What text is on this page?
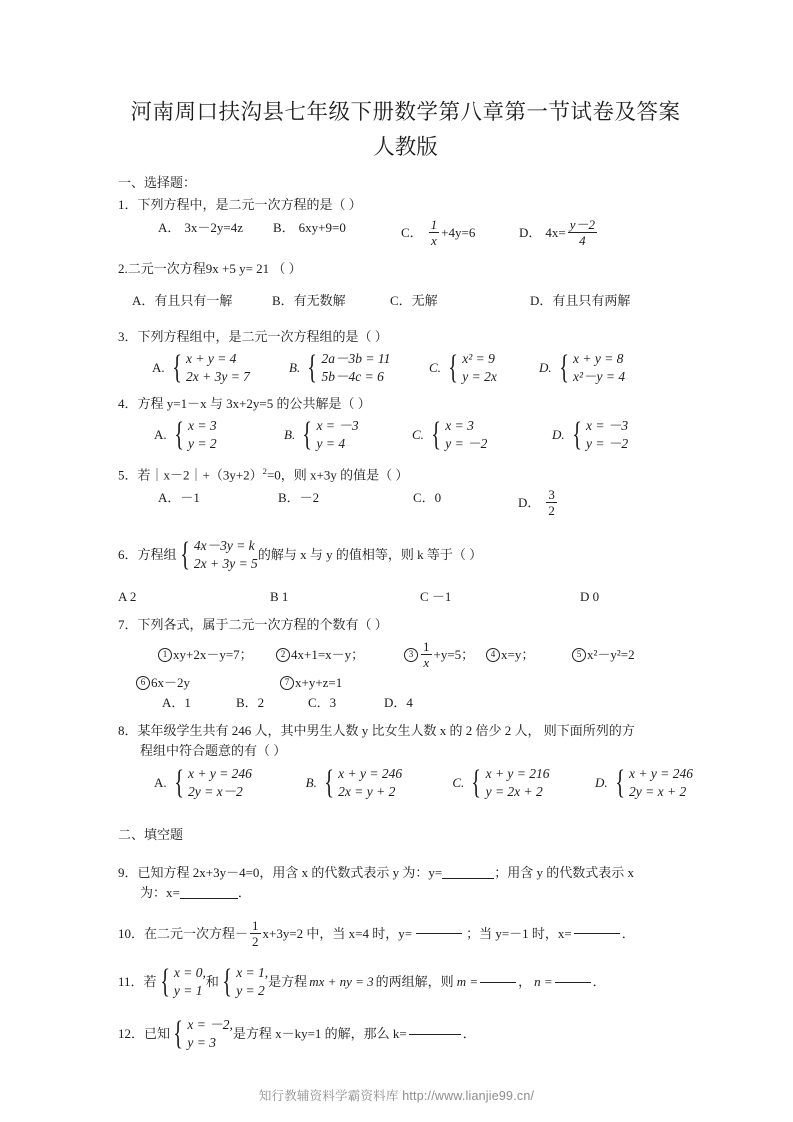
河南周口扶沟县七年级下册数学第八章第一节试卷及答案
人教版
一、选择题：
1．下列方程中，是二元一次方程的是（ ）
A． 3x－2y=4z B． 6xy+9=0	C． $\frac{1}{x} +4y=6$	D． $4x= \frac{y-2}{4}$
2.二元一次方程9x +5 y= 21 （ ）
A．有且只有一解	B．有无数解	C．无解	D．有且只有两解
3．下列方程组中，是二元一次方程组的是（ ）
A. { x + y = 4
2x + 3y = 7
B. { 2a－3b = 11
5b－4c = 6
C. { x² = 9
y = 2x
D. { x + y = 8
x²－y = 4
4．方程 y=1－x 与 3x+2y=5 的公共解是（ ）
A. { x = 3
y = 2
B. { x = －3
y = 4
C. { x = 3
y = －2
D. { x = －3
y = －2
5．若$|x-2|+(3y+2)^2=0$，则 x+3y 的值是（ ）
A．－1	B．－2	C．0	D． $\frac{3}{2}$
6．方程组 { 4x－3y = k
2x + 3y = 5
的解与 x 与 y 的值相等，则 k 等于（ ）
A 2	B 1	C －1	D 0
7．下列各式，属于二元一次方程的个数有（ ）
1 xy+2x－y=7；	2 4x+1=x－y；	$3 \frac{1}{x} +y=5$；	4 x=y；	5 x²－y²=2
6 6x－2y	7 x+y+z=1
A．1	B．2	C．3	D．4
8．某年级学生共有 246 人，其中男生人数 y 比女生人数 x 的 2 倍少 2 人， 则下面所列的方
程组中符合题意的有（ ）
A. { x + y = 246
2y = x－2
B. { x + y = 246
2x = y + 2
C. { x + y = 216
y = 2x + 2
D. { x + y = 246
2y = x + 2
二、填空题
9．已知方程 2x+3y－4=0，用含 x 的代数式表示 y 为：y=	；用含 y 的代数式表示 x
为：x=	．
10．在二元一次方程－ $\frac{1}{2} x+3y=2$ 中，当 x=4 时，y=	；当 y=－1 时，x=	．
11．若 { x = 0,
y = 1
和 { x = 1,
y = 2
是方程 mx + ny = 3 的两组解，则 m =	， n =	．
12．已知 { x = －2,
y = 3
是方程 x－ky=1 的解，那么 k=	．
知行教辅资料学霸资料库 http://www.lianjie99.cn/
